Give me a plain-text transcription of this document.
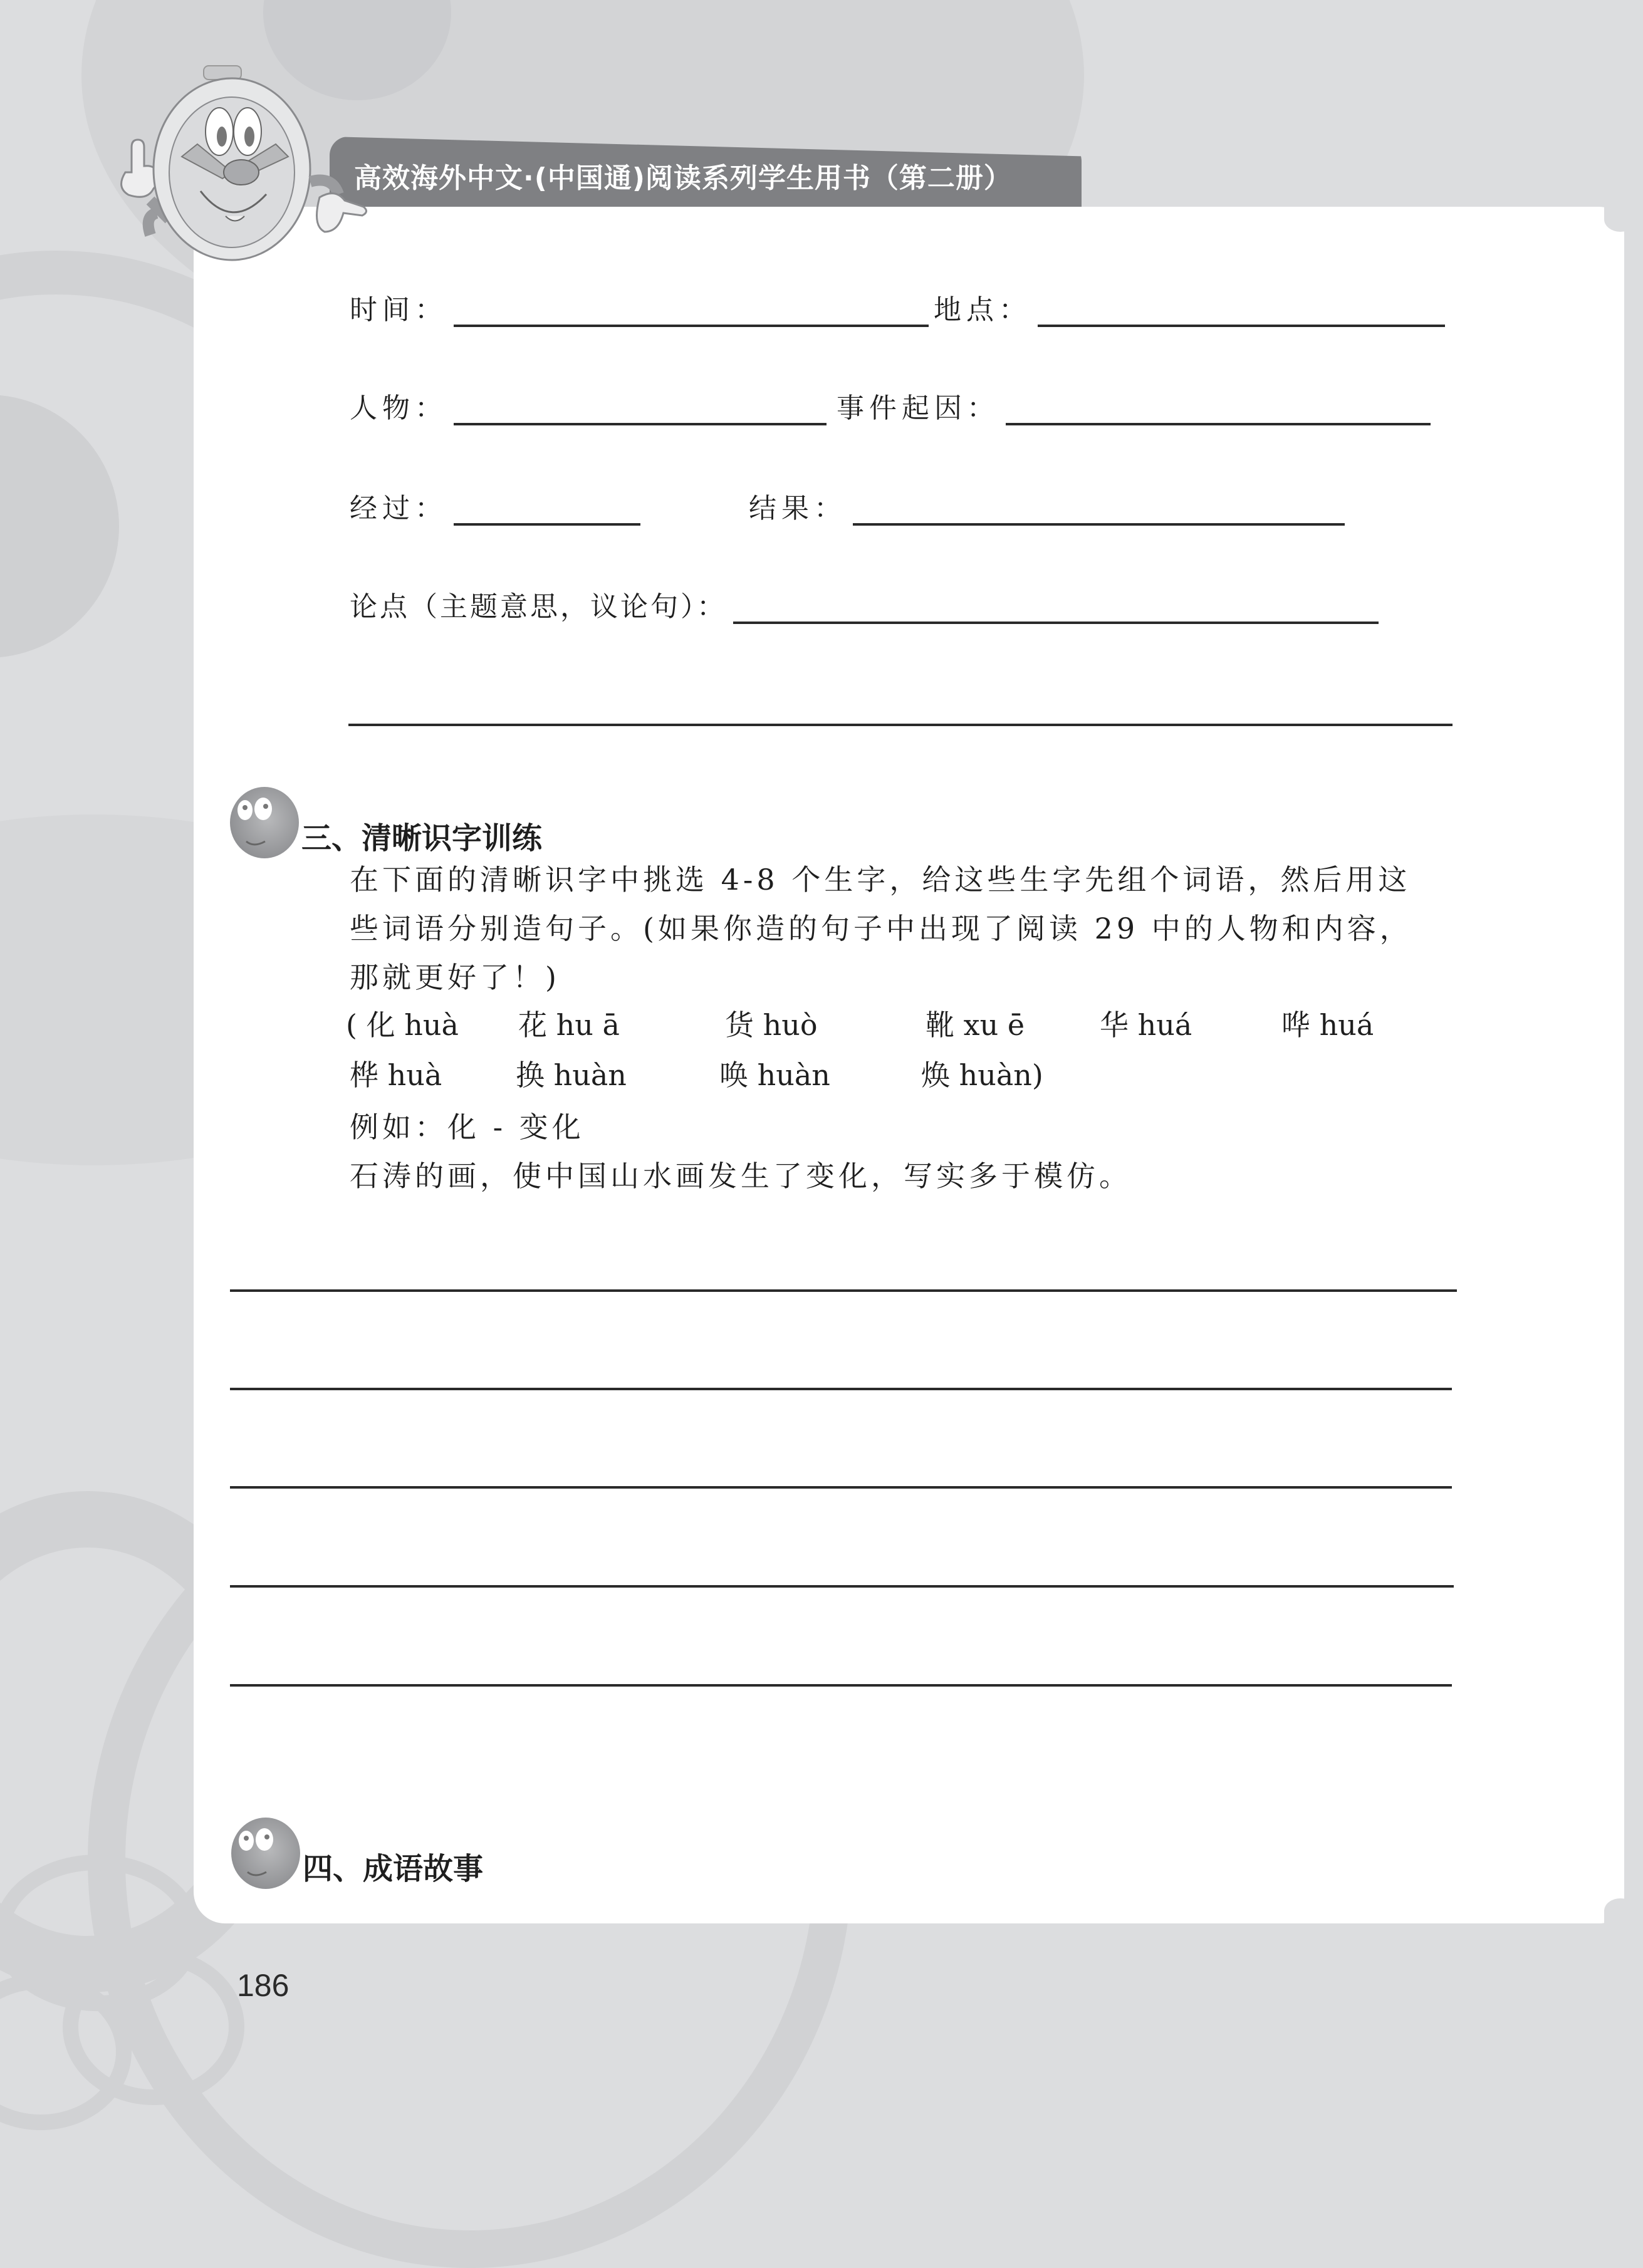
高效海外中文·(中国通)阅读系列学生用书（第二册）
时间：	地点：
人物：	事件起因：
经过：	结果：
论点（主题意思，议论句）：
三、 清晰识字训练
在下面的清晰识字中挑选 4-8 个生字，给这些生字先组个词语，然后用这
些词语分别造句子。(如果你造的句子中出现了阅读 29 中的人物和内容，
那就更好了！)
( 化 huà 花 hu ā	货 huò	靴 xu ē	华 huá	哗 huá
桦 huà	换 huàn	唤 huàn	焕 huàn)
例如：化 - 变化
石涛的画，使中国山水画发生了变化，写实多于模仿。
四、 成语故事
186
